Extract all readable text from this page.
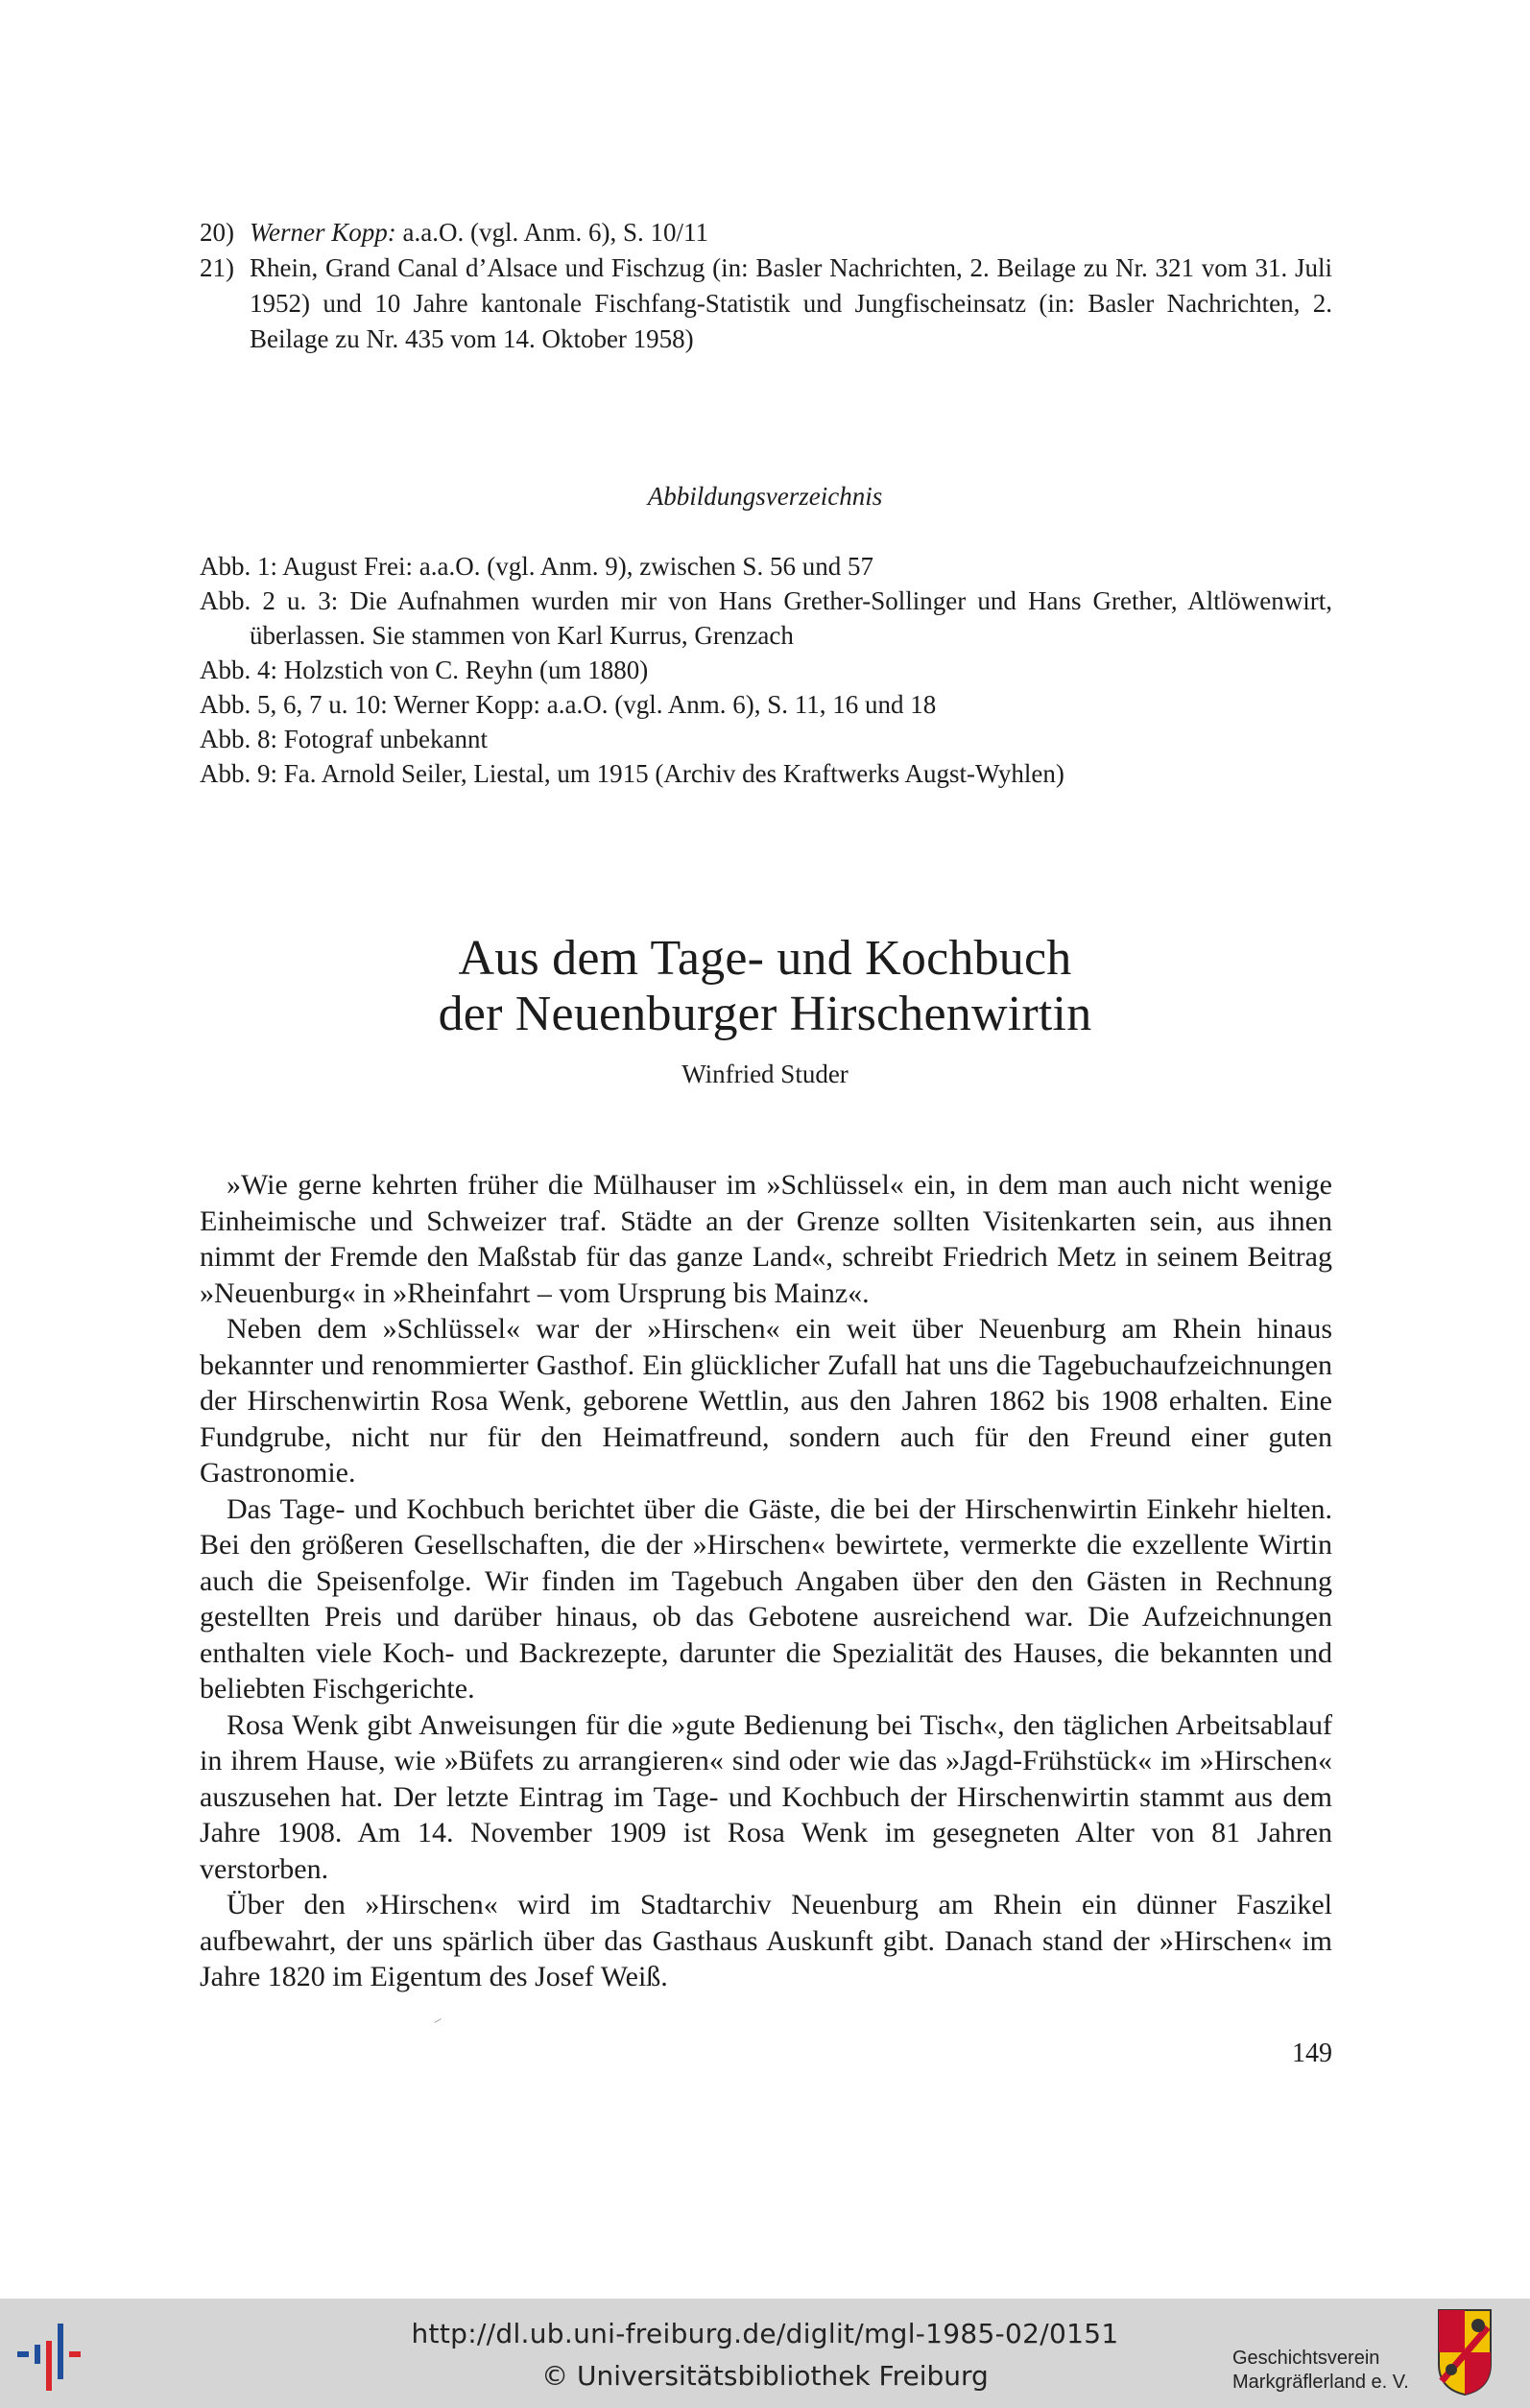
20) Werner Kopp: a.a.O. (vgl. Anm. 6), S. 10/11
21) Rhein, Grand Canal d’Alsace und Fischzug (in: Basler Nachrichten, 2. Beilage zu Nr. 321 vom 31. Juli 1952) und 10 Jahre kantonale Fischfang-Statistik und Jungfischeinsatz (in: Basler Nachrichten, 2. Beilage zu Nr. 435 vom 14. Oktober 1958)
Abbildungsverzeichnis
Abb. 1: August Frei: a.a.O. (vgl. Anm. 9), zwischen S. 56 und 57
Abb. 2 u. 3: Die Aufnahmen wurden mir von Hans Grether-Sollinger und Hans Grether, Altlöwenwirt, überlassen. Sie stammen von Karl Kurrus, Grenzach
Abb. 4: Holzstich von C. Reyhn (um 1880)
Abb. 5, 6, 7 u. 10: Werner Kopp: a.a.O. (vgl. Anm. 6), S. 11, 16 und 18
Abb. 8: Fotograf unbekannt
Abb. 9: Fa. Arnold Seiler, Liestal, um 1915 (Archiv des Kraftwerks Augst-Wyhlen)
Aus dem Tage- und Kochbuch
der Neuenburger Hirschenwirtin
Winfried Studer

»Wie gerne kehrten früher die Mülhauser im »Schlüssel« ein, in dem man auch nicht wenige Einheimische und Schweizer traf. Städte an der Grenze sollten Visitenkarten sein, aus ihnen nimmt der Fremde den Maßstab für das ganze Land«, schreibt Friedrich Metz in seinem Beitrag »Neuenburg« in »Rheinfahrt – vom Ursprung bis Mainz«.

Neben dem »Schlüssel« war der »Hirschen« ein weit über Neuenburg am Rhein hinaus bekannter und renommierter Gasthof. Ein glücklicher Zufall hat uns die Tagebuchaufzeichnungen der Hirschenwirtin Rosa Wenk, geborene Wettlin, aus den Jahren 1862 bis 1908 erhalten. Eine Fundgrube, nicht nur für den Heimatfreund, sondern auch für den Freund einer guten Gastronomie.

Das Tage- und Kochbuch berichtet über die Gäste, die bei der Hirschenwirtin Einkehr hielten. Bei den größeren Gesellschaften, die der »Hirschen« bewirtete, vermerkte die exzellente Wirtin auch die Speisenfolge. Wir finden im Tagebuch Angaben über den den Gästen in Rechnung gestellten Preis und darüber hinaus, ob das Gebotene ausreichend war. Die Aufzeichnungen enthalten viele Koch- und Backrezepte, darunter die Spezialität des Hauses, die bekannten und beliebten Fischgerichte.

Rosa Wenk gibt Anweisungen für die »gute Bedienung bei Tisch«, den täglichen Arbeitsablauf in ihrem Hause, wie »Büfets zu arrangieren« sind oder wie das »Jagd-Frühstück« im »Hirschen« auszusehen hat. Der letzte Eintrag im Tage- und Kochbuch der Hirschenwirtin stammt aus dem Jahre 1908. Am 14. November 1909 ist Rosa Wenk im gesegneten Alter von 81 Jahren verstorben.

Über den »Hirschen« wird im Stadtarchiv Neuenburg am Rhein ein dünner Faszikel aufbewahrt, der uns spärlich über das Gasthaus Auskunft gibt. Danach stand der »Hirschen« im Jahre 1820 im Eigentum des Josef Weiß.

149
http://dl.ub.uni-freiburg.de/diglit/mgl-1985-02/0151
© Universitätsbibliothek Freiburg
Geschichtsverein
Markgräflerland e. V.
